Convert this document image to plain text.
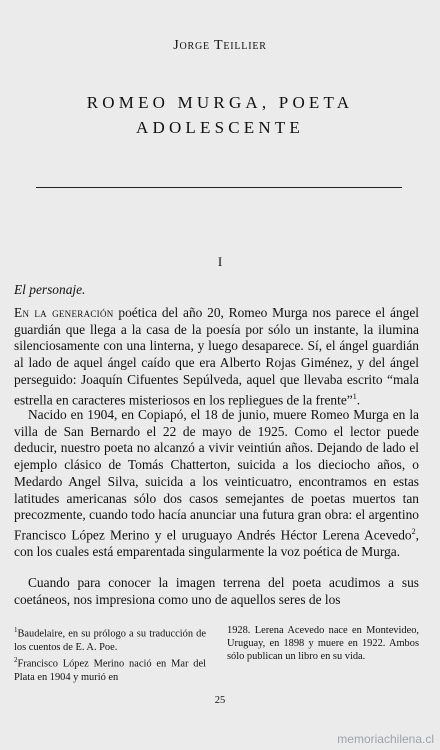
Jorge Teillier
ROMEO MURGA, POETA
ADOLESCENTE
I
El personaje.
En la generación poética del año 20, Romeo Murga nos parece el ángel guardián que llega a la casa de la poesía por sólo un instante, la ilumina silenciosamente con una linterna, y luego desaparece. Sí, el ángel guardián al lado de aquel ángel caído que era Alberto Rojas Giménez, y del ángel perseguido: Joaquín Cifuentes Sepúlveda, aquel que llevaba escrito “mala estrella en caracteres misteriosos en los repliegues de la frente”$^1$.
Nacido en 1904, en Copiapó, el 18 de junio, muere Romeo Murga en la villa de San Bernardo el 22 de mayo de 1925. Como el lector puede deducir, nuestro poeta no alcanzó a vivir veintiún años. Dejando de lado el ejemplo clásico de Tomás Chatterton, suicida a los dieciocho años, o Medardo Angel Silva, suicida a los veinticuatro, encontramos en estas latitudes americanas sólo dos casos semejantes de poetas muertos tan precozmente, cuando todo hacía anunciar una futura gran obra: el argentino Francisco López Merino y el uruguayo Andrés Héctor Lerena Acevedo$^2$, con los cuales está emparentada singularmente la voz poética de Murga.
Cuando para conocer la imagen terrena del poeta acudimos a sus coetáneos, nos impresiona como uno de aquellos seres de los

$^1$Baudelaire, en su prólogo a su traducción de los cuentos de E. A. Poe.

$^2$Francisco López Merino nació en Mar del Plata en 1904 y murió en

1928. Lerena Acevedo nace en Montevideo, Uruguay, en 1898 y muere en 1922. Ambos sólo publican un libro en su vida.

25
memoriachilena.cl
